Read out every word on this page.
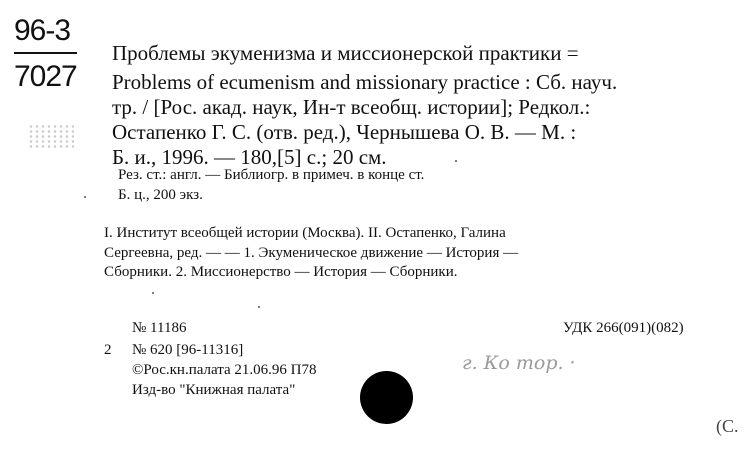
96-3
7027
Проблемы экуменизма и миссионерской практики =
Problems of ecumenism and missionary practice : Сб. науч.
тр. / [Рос. акад. наук, Ин-т всеобщ. истории]; Редкол.:
Остапенко Г. С. (отв. ред.), Чернышева О. В. — М. :
Б. и., 1996. — 180,[5] с.; 20 см.
Рез. ст.: англ. — Библиогр. в примеч. в конце ст.
Б. ц., 200 экз.
I. Институт всеобщей истории (Москва). II. Остапенко, Галина
Сергеевна, ред. — — 1. Экуменическое движение — История —
Сборники. 2. Миссионерство — История — Сборники.
№ 11186	УДК 266(091)(082)
2 № 620 [96-11316]
©Рос.кн.палата 21.06.96 П78
Изд-во "Книжная палата"
г. Ко тор. ·
(С.
